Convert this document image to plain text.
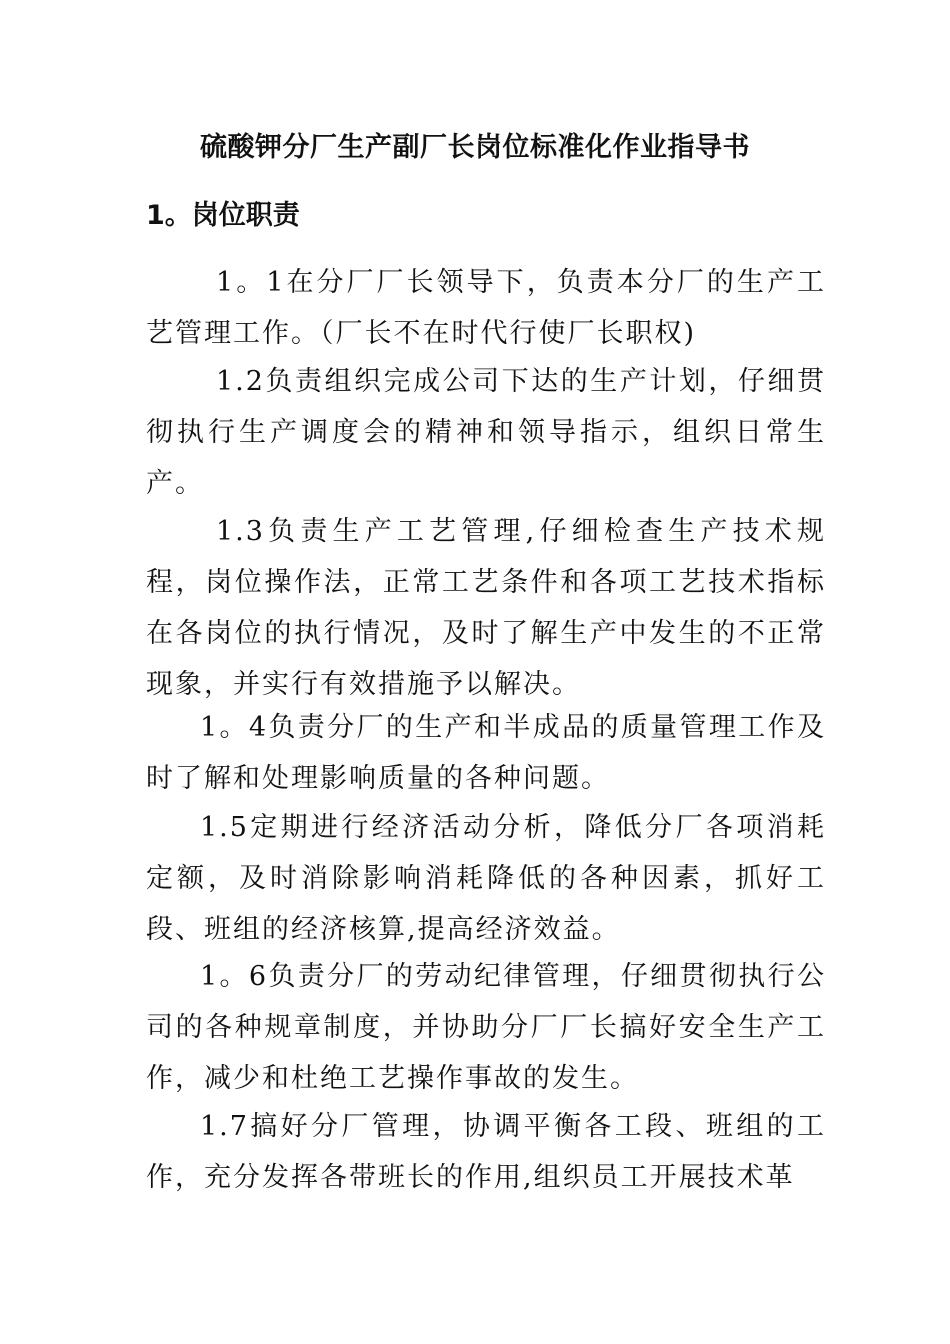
硫酸钾分厂生产副厂长岗位标准化作业指导书
1。岗位职责

1。1在分厂厂长领导下，负责本分厂的生产工艺管理工作。（厂长不在时代行使厂长职权)

1.2负责组织完成公司下达的生产计划，仔细贯彻执行生产调度会的精神和领导指示，组织日常生产。

1.3负责生产工艺管理,仔细检查生产技术规程，岗位操作法，正常工艺条件和各项工艺技术指标在各岗位的执行情况，及时了解生产中发生的不正常现象，并实行有效措施予以解决。

1。4负责分厂的生产和半成品的质量管理工作及时了解和处理影响质量的各种问题。

1.5定期进行经济活动分析，降低分厂各项消耗定额，及时消除影响消耗降低的各种因素，抓好工段、班组的经济核算,提高经济效益。

1。6负责分厂的劳动纪律管理，仔细贯彻执行公司的各种规章制度，并协助分厂厂长搞好安全生产工作，减少和杜绝工艺操作事故的发生。

1.7搞好分厂管理，协调平衡各工段、班组的工作，充分发挥各带班长的作用,组织员工开展技术革
